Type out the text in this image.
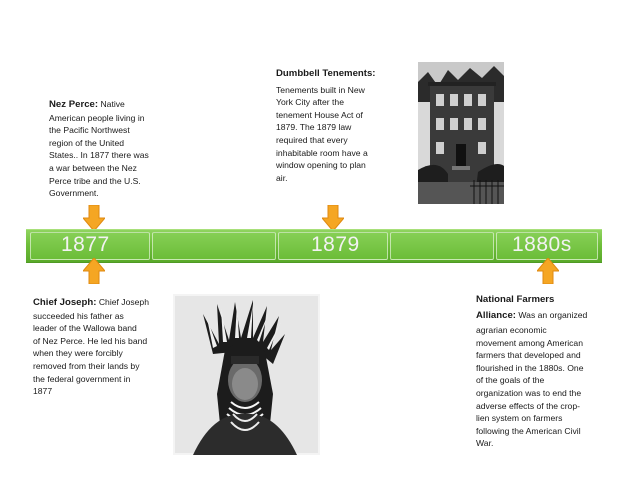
Nez Perce: Native
American people living in
the Pacific Northwest
region of the United
States.. In 1877 there was
a war between the Nez
Perce tribe and the U.S.
Government.
Dumbbell Tenements:
Tenements built in New
York City after the
tenement House Act of
1879. The 1879 law
required that every
inhabitable room have a
window opening to plan
air.
1877	1879	1880s
Chief Joseph: Chief Joseph
succeeded his father as
leader of the Wallowa band
of Nez Perce. He led his band
when they were forcibly
removed from their lands by
the federal government in
1877
National Farmers
Alliance: Was an organized
agrarian economic
movement among American
farmers that developed and
flourished in the 1880s. One
of the goals of the
organization was to end the
adverse effects of the crop-
lien system on farmers
following the American Civil
War.
